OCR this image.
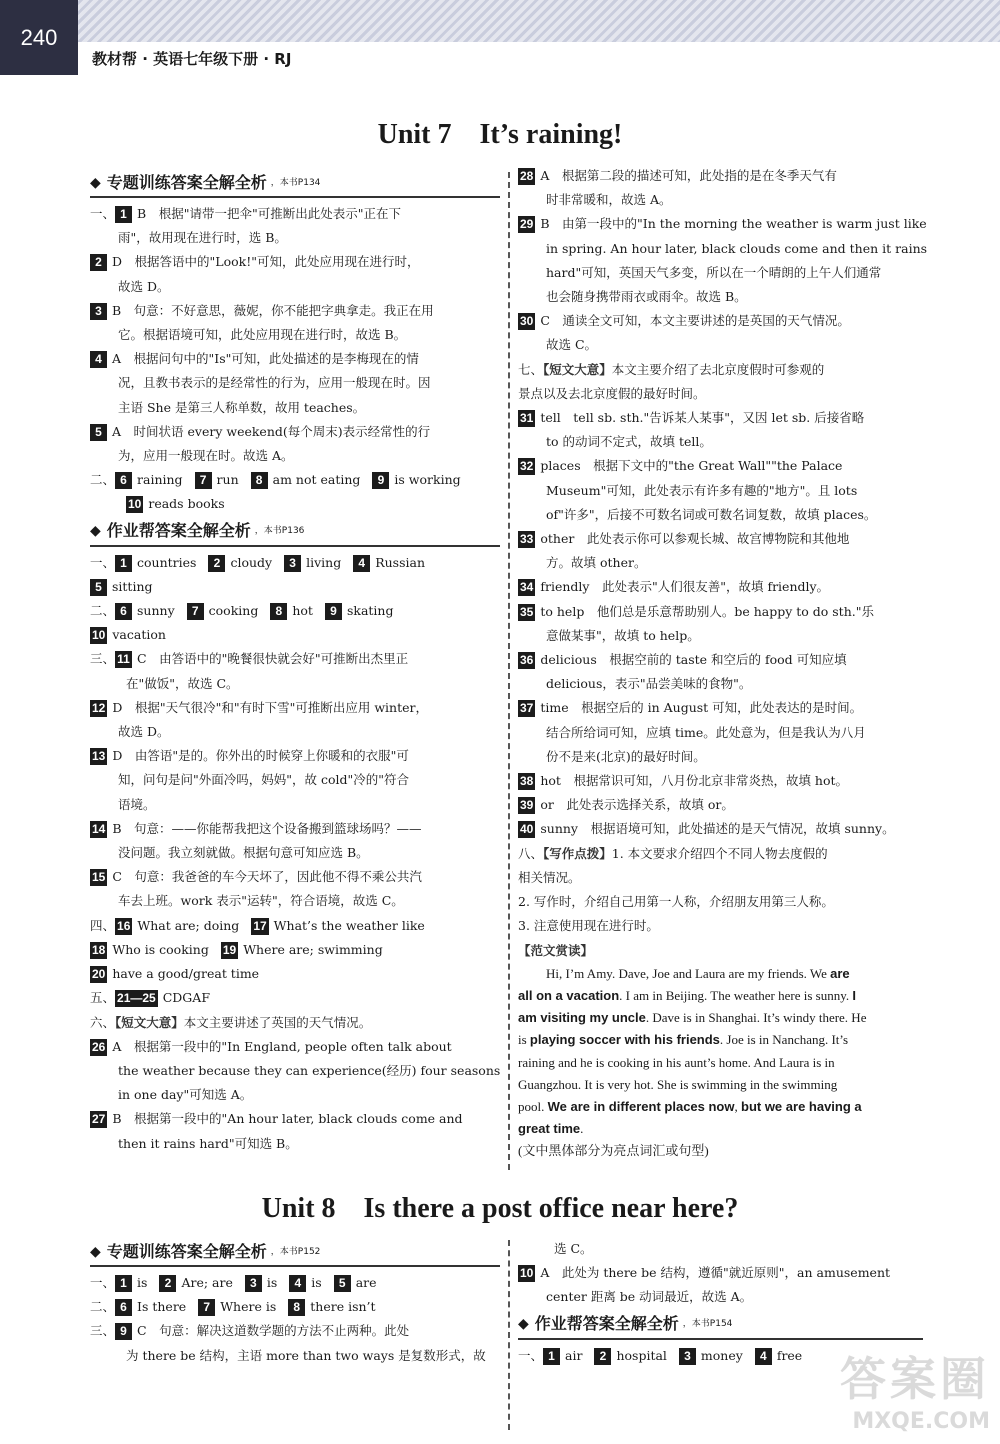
240
教材帮 · 英语七年级下册 · RJ
Unit 7　It’s raining!
◆ 专题训练答案全解全析 ，本书P134
一、 1 B　根据"请带一把伞"可推断出此处表示"正在下
雨"，故用现在进行时，选 B。
2 D　根据答语中的"Look!"可知，此处应用现在进行时，
故选 D。
3 B　句意：不好意思，薇妮，你不能把字典拿走。我正在用
它。根据语境可知，此处应用现在进行时，故选 B。
4 A　根据问句中的"Is"可知，此处描述的是李梅现在的情
况，且教书表示的是经常性的行为，应用一般现在时。因
主语 She 是第三人称单数，故用 teaches。
5 A　时间状语 every weekend(每个周末)表示经常性的行
为，应用一般现在时。故选 A。
二、 6 raining 7 run 8 am not eating 9 is working
10 reads books
◆ 作业帮答案全解全析 ，本书P136
一、 1 countries 2 cloudy 3 living 4 Russian
5 sitting
二、 6 sunny 7 cooking 8 hot 9 skating
10 vacation
三、 11 C　由答语中的"晚餐很快就会好"可推断出杰里正
在"做饭"，故选 C。
12 D　根据"天气很冷"和"有时下雪"可推断出应用 winter，
故选 D。
13 D　由答语"是的。你外出的时候穿上你暖和的衣服"可
知，问句是问"外面冷吗，妈妈"，故 cold"冷的"符合
语境。
14 B　句意：——你能帮我把这个设备搬到篮球场吗？——
没问题。我立刻就做。根据句意可知应选 B。
15 C　句意：我爸爸的车今天坏了，因此他不得不乘公共汽
车去上班。work 表示"运转"，符合语境，故选 C。
四、 16 What are; doing 17 What’s the weather like
18 Who is cooking 19 Where are; swimming
20 have a good/great time
五、 21—25 CDGAF
六、【短文大意】本文主要讲述了英国的天气情况。
26 A　根据第一段中的"In England, people often talk about
the weather because they can experience(经历) four seasons
in one day"可知选 A。
27 B　根据第一段中的"An hour later, black clouds come and
then it rains hard"可知选 B。
28 A　根据第二段的描述可知，此处指的是在冬季天气有
时非常暖和，故选 A。
29 B　由第一段中的"In the morning the weather is warm just like
in spring. An hour later, black clouds come and then it rains
hard"可知，英国天气多变，所以在一个晴朗的上午人们通常
也会随身携带雨衣或雨伞。故选 B。
30 C　通读全文可知，本文主要讲述的是英国的天气情况。
故选 C。
七、【短文大意】本文主要介绍了去北京度假时可参观的
景点以及去北京度假的最好时间。
31 tell　tell sb. sth."告诉某人某事"，又因 let sb. 后接省略
to 的动词不定式，故填 tell。
32 places　根据下文中的"the Great Wall""the Palace
Museum"可知，此处表示有许多有趣的"地方"。且 lots
of"许多"，后接不可数名词或可数名词复数，故填 places。
33 other　此处表示你可以参观长城、故宫博物院和其他地
方。故填 other。
34 friendly　此处表示"人们很友善"，故填 friendly。
35 to help　他们总是乐意帮助别人。be happy to do sth."乐
意做某事"，故填 to help。
36 delicious　根据空前的 taste 和空后的 food 可知应填
delicious，表示"品尝美味的食物"。
37 time　根据空后的 in August 可知，此处表达的是时间。
结合所给词可知，应填 time。此处意为，但是我认为八月
份不是来(北京)的最好时间。
38 hot　根据常识可知，八月份北京非常炎热，故填 hot。
39 or　此处表示选择关系，故填 or。
40 sunny　根据语境可知，此处描述的是天气情况，故填 sunny。
八、【写作点拨】1. 本文要求介绍四个不同人物去度假的
相关情况。
2. 写作时，介绍自己用第一人称，介绍朋友用第三人称。
3. 注意使用现在进行时。
【范文赏读】
Hi, I’m Amy. Dave, Joe and Laura are my friends. We are
all on a vacation. I am in Beijing. The weather here is sunny. I
am visiting my uncle. Dave is in Shanghai. It’s windy there. He
is playing soccer with his friends. Joe is in Nanchang. It’s
raining and he is cooking in his aunt’s home. And Laura is in
Guangzhou. It is very hot. She is swimming in the swimming
pool. We are in different places now, but we are having a
great time.
(文中黑体部分为亮点词汇或句型)
Unit 8　Is there a post office near here?
◆ 专题训练答案全解全析 ，本书P152
一、 1 is 2 Are; are 3 is 4 is 5 are
二、 6 Is there 7 Where is 8 there isn’t
三、 9 C　句意：解决这道数学题的方法不止两种。此处
为 there be 结构，主语 more than two ways 是复数形式，故
选 C。
10 A　此处为 there be 结构，遵循"就近原则"，an amusement
center 距离 be 动词最近，故选 A。
◆ 作业帮答案全解全析 ，本书P154
一、 1 air 2 hospital 3 money 4 free 答案圈
MXQE.COM
